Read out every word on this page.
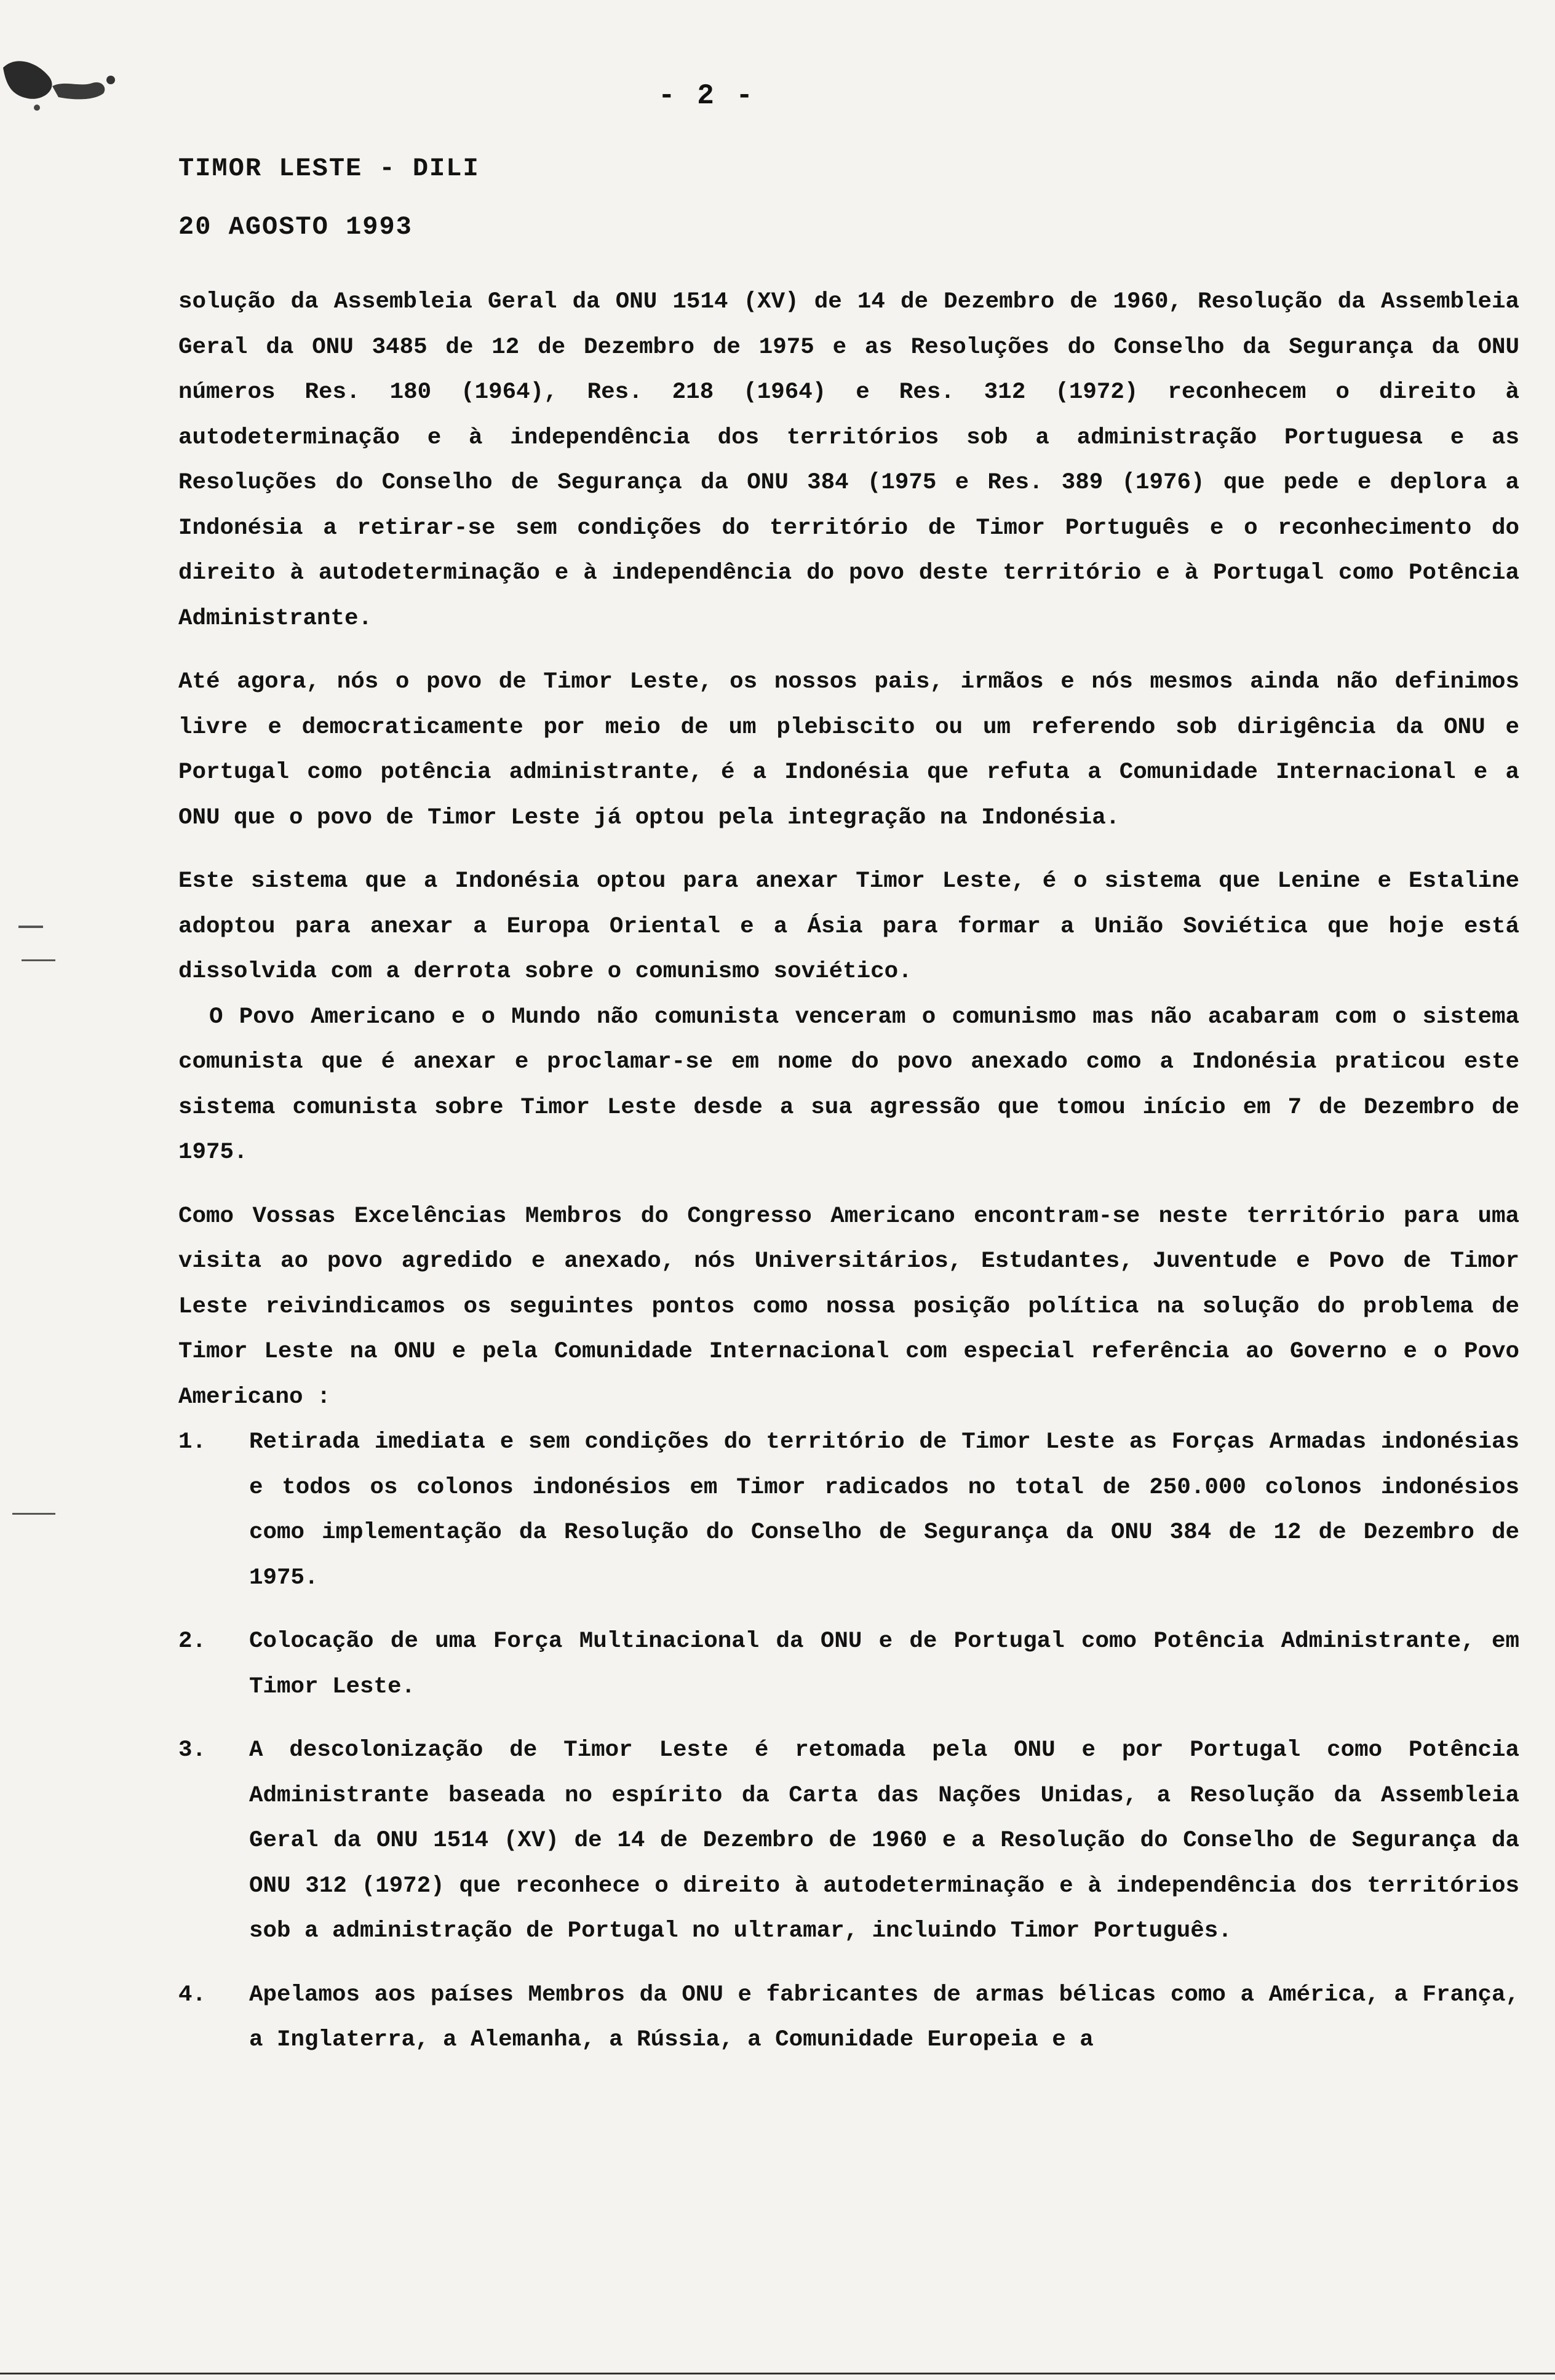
- 2 -
TIMOR LESTE - DILI
20 AGOSTO 1993

solução da Assembleia Geral da ONU 1514 (XV) de 14 de Dezembro de 1960, Resolução da Assembleia Geral da ONU 3485 de 12 de Dezembro de 1975 e as Resoluções do Conselho da Segurança da ONU números Res. 180 (1964), Res. 218 (1964) e Res. 312 (1972) reconhecem o direito à autodeterminação e à independência dos territórios sob a administração Portuguesa e as Resoluções do Conselho de Segurança da ONU 384 (1975 e Res. 389 (1976) que pede e deplora a Indonésia a retirar-se sem condições do território de Timor Português e o reconhecimento do direito à autodeterminação e à independência do povo deste território e à Portugal como Potência Administrante.

Até agora, nós o povo de Timor Leste, os nossos pais, irmãos e nós mesmos ainda não definimos livre e democraticamente por meio de um plebiscito ou um referendo sob dirigência da ONU e Portugal como potência administrante, é a Indonésia que refuta a Comunidade Internacional e a ONU que o povo de Timor Leste já optou pela integração na Indonésia.

Este sistema que a Indonésia optou para anexar Timor Leste, é o sistema que Lenine e Estaline adoptou para anexar a Europa Oriental e a Ásia para formar a União Soviética que hoje está dissolvida com a derrota sobre o comunismo soviético.

O Povo Americano e o Mundo não comunista venceram o comunismo mas não acabaram com o sistema comunista que é anexar e proclamar-se em nome do povo anexado como a Indonésia praticou este sistema comunista sobre Timor Leste desde a sua agressão que tomou início em 7 de Dezembro de 1975.

Como Vossas Excelências Membros do Congresso Americano encontram-se neste território para uma visita ao povo agredido e anexado, nós Universitários, Estudantes, Juventude e Povo de Timor Leste reivindicamos os seguintes pontos como nossa posição política na solução do problema de Timor Leste na ONU e pela Comunidade Internacional com especial referência ao Governo e o Povo Americano :

1. Retirada imediata e sem condições do território de Timor Leste as Forças Armadas indonésias e todos os colonos indonésios em Timor radicados no total de 250.000 colonos indonésios como implementação da Resolução do Conselho de Segurança da ONU 384 de 12 de Dezembro de 1975.
2. Colocação de uma Força Multinacional da ONU e de Portugal como Potência Administrante, em Timor Leste.
3. A descolonização de Timor Leste é retomada pela ONU e por Portugal como Potência Administrante baseada no espírito da Carta das Nações Unidas, a Resolução da Assembleia Geral da ONU 1514 (XV) de 14 de Dezembro de 1960 e a Resolução do Conselho de Segurança da ONU 312 (1972) que reconhece o direito à autodeterminação e à independência dos territórios sob a administração de Portugal no ultramar, incluindo Timor Português.
4. Apelamos aos países Membros da ONU e fabricantes de armas bélicas como a América, a França, a Inglaterra, a Alemanha, a Rússia, a Comunidade Europeia e a
